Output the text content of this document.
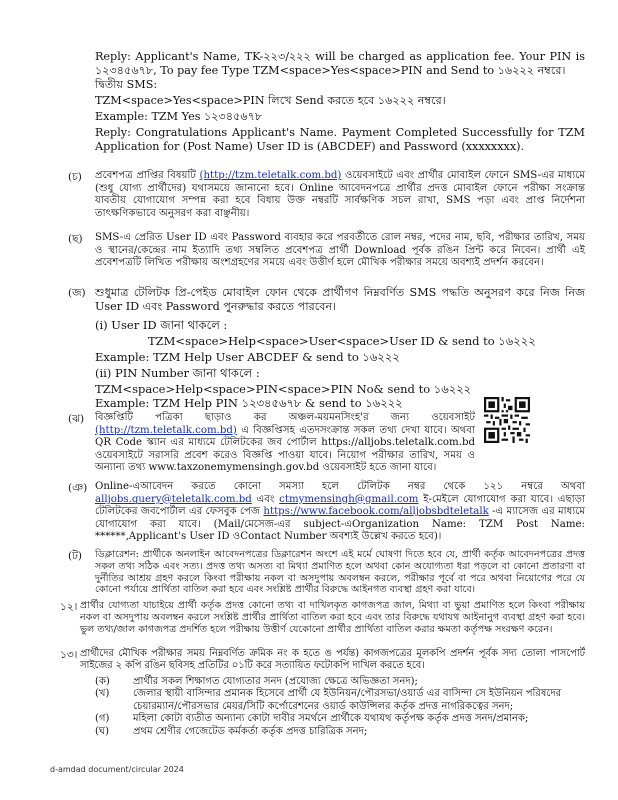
Reply: Applicant's Name, TK-২২৩/২২২ will be charged as application fee. Your PIN is ১২৩৪৫৬৭৮, To pay fee Type TZM<space>Yes<space>PIN and Send to ১৬২২২ নম্বরে।
দ্বিতীয় SMS:
TZM<space>Yes<space>PIN লিখে Send করতে হবে ১৬২২২ নম্বরে।
Example: TZM Yes ১২৩৪৫৬৭৮
Reply: Congratulations Applicant's Name. Payment Completed Successfully for TZM Application for (Post Name) User ID is (ABCDEF) and Password (xxxxxxxx).
(চ) প্রবেশপত্র প্রাপ্তির বিষয়টি (http://tzm.teletalk.com.bd) ওয়েবসাইটে এবং প্রার্থীর মোবাইল ফোনে SMS-এর মাধ্যমে (শুধু যোগ্য প্রার্থীদের) যথাসময়ে জানানো হবে। Online আবেদনপত্রে প্রার্থীর প্রদত্ত মোবাইল ফোনে পরীক্ষা সংক্রান্ত যাবতীয় যোগাযোগ সম্পন্ন করা হবে বিধায় উক্ত নম্বরটি সার্বক্ষণিক সচল রাখা, SMS পড়া এবং প্রাপ্ত নির্দেশনা তাৎক্ষণিকভাবে অনুসরণ করা বাঞ্ছনীয়।
(ছ) SMS-এ প্রেরিত User ID এবং Password ব্যবহার করে পরবর্তীতে রোল নম্বর, পদের নাম, ছবি, পরীক্ষার তারিখ, সময় ও স্থানের/কেন্দ্রের নাম ইত্যাদি তথ্য সম্বলিত প্রবেশপত্র প্রার্থী Download পূর্বক রঙিন প্রিন্ট করে নিবেন। প্রার্থী এই প্রবেশপত্রটি লিখিত পরীক্ষায় অংশগ্রহণের সময়ে এবং উত্তীর্ণ হলে মৌখিক পরীক্ষার সময়ে অবশ্যই প্রদর্শন করবেন।
(জ) শুধুমাত্র টেলিটক প্রি-পেইড মোবাইল ফোন থেকে প্রার্থীগণ নিম্নবর্ণিত SMS পদ্ধতি অনুসরণ করে নিজ নিজ User ID এবং Password পুনরুদ্ধার করতে পারবেন।
(i) User ID জানা থাকলে :
TZM<space>Help<space>User<space>User ID & send to ১৬২২২
Example: TZM Help User ABCDEF & send to ১৬২২২
(ii) PIN Number জানা থাকলে :
TZM<space>Help<space>PIN<space>PIN No& send to ১৬২২২
Example: TZM Help PIN ১২৩৪৫৬৭৮ & send to ১৬২২২
(ঝ) বিজ্ঞপ্তিটি পত্রিকা ছাড়াও কর অঞ্চল-ময়মনসিংহ'র জন্য ওয়েবসাইট (http://tzm.teletalk.com.bd) এ বিজ্ঞপ্তিসহ এতদসংক্রান্ত সকল তথ্য দেখা যাবে। অথবা QR Code স্ক্যান এর মাধ্যমে টেলিটকের জব পোর্টাল https://alljobs.teletalk.com.bd ওয়েবসাইটে সরাসরি প্রবেশ করেও বিজ্ঞপ্তি পাওয়া যাবে। নিয়োগ পরীক্ষার তারিখ, সময় ও অন্যান্য তথ্য www.taxzonemymensingh.gov.bd ওয়েবসাইট হতে জানা যাবে।
(ঞ) Online-এআবেদন করতে কোনো সমস্যা হলে টেলিটক নম্বর থেকে ১২১ নম্বরে অথবা alljobs.query@teletalk.com.bd এবং ctmymensingh@gmail.com ই-মেইলে যোগাযোগ করা যাবে। এছাড়া টেলিটকের জবপোর্টাল এর ফেসবুক পেজ https://www.facebook.com/alljobsbdteletalk -এ ম্যাসেজ এর মাধ্যমে যোগাযোগ করা যাবে। (Mail/মেসেজ-এর subject-এOrganization Name: TZM Post Name: ******,Applicant's User ID ওContact Number অবশ্যই উল্লেখ করতে হবে)।
(ট) ডিক্লারেশন: প্রার্থীকে অনলাইন আবেদনপত্রের ডিক্লারেশন অংশে এই মর্মে ঘোষণা দিতে হবে যে, প্রার্থী কর্তৃক আবেদনপত্রের প্রদত্ত সকল তথ্য সঠিক এবং সত্য। প্রদত্ত তথ্য অসত্য বা মিথ্যা প্রমাণিত হলে অথবা কোন অযোগ্যতা ধরা পড়লে বা কোনো প্রতারণা বা দুর্নীতির আশ্রয় গ্রহণ করলে কিংবা পরীক্ষায় নকল বা অসদুপায় অবলম্বন করলে, পরীক্ষার পূর্বে বা পরে অথবা নিয়োগের পরে যে কোনো পর্যায়ে প্রার্থিতা বাতিল করা হবে এবং সংশ্লিষ্ট প্রার্থীর বিরুদ্ধে আইনগত ব্যবস্থা গ্রহণ করা যাবে।
১২। প্রার্থীর যোগ্যতা যাচাইয়ে প্রার্থী কর্তৃক প্রদত্ত কোনো তথ্য বা দাখিলকৃত কাগজপত্র জাল, মিথ্যা বা ভুয়া প্রমাণিত হলে কিংবা পরীক্ষায় নকল বা অসদুপায় অবলম্বন করলে সংশ্লিষ্ট প্রার্থীর প্রার্থিতা বাতিল করা হবে এবং তার বিরুদ্ধে যথাযথ আইনানুগ ব্যবস্থা গ্রহণ করা হবে। ভুল তথ্য/জাল কাগজপত্র প্রদর্শিত হলে পরীক্ষায় উত্তীর্ণ যেকোনো প্রার্থীর প্রার্থিতা বাতিল করার ক্ষমতা কর্তৃপক্ষ সংরক্ষণ করেন।
১৩। প্রার্থীদের মৌখিক পরীক্ষার সময় নিম্নবর্ণিত ক্রমিক নং ক হতে ঙ পর্যন্ত) কাগজপত্রের মূলকপি প্রদর্শন পূর্বক সদ্য তোলা পাসপোর্ট সাইজের ২ কপি রঙিন ছবিসহ প্রতিটির ০১টি করে সত্যায়িত ফটোকপি দাখিল করতে হবে।
(ক)	প্রার্থীর সকল শিক্ষাগত যোগ্যতার সনদ (প্রযোজ্য ক্ষেত্রে অভিজ্ঞতা সনদ);
(খ)	জেলার স্থায়ী বাসিন্দার প্রমানক হিসেবে প্রার্থী যে ইউনিয়ন/পৌরসভা/ওয়ার্ড এর বাসিন্দা সে ইউনিয়ন পরিষদের চেয়ারম্যান/পৌরসভার মেয়র/সিটি কর্পোরেশনের ওয়ার্ড কাউন্সিলর কর্তৃক প্রদত্ত নাগরিকত্বের সনদ;
(গ)	মহিলা কোটা ব্যতীত অন্যান্য কোটা দাবীর সমর্থনে প্রার্থীকে যথাযথ কর্তৃপক্ষ কর্তৃক প্রদত্ত সনদ/প্রমানক;
(ঘ)	প্রথম শ্রেণীর গেজেটেড কর্মকর্তা কর্তৃক প্রদত্ত চারিত্রিক সনদ;
d-amdad document/circular 2024
